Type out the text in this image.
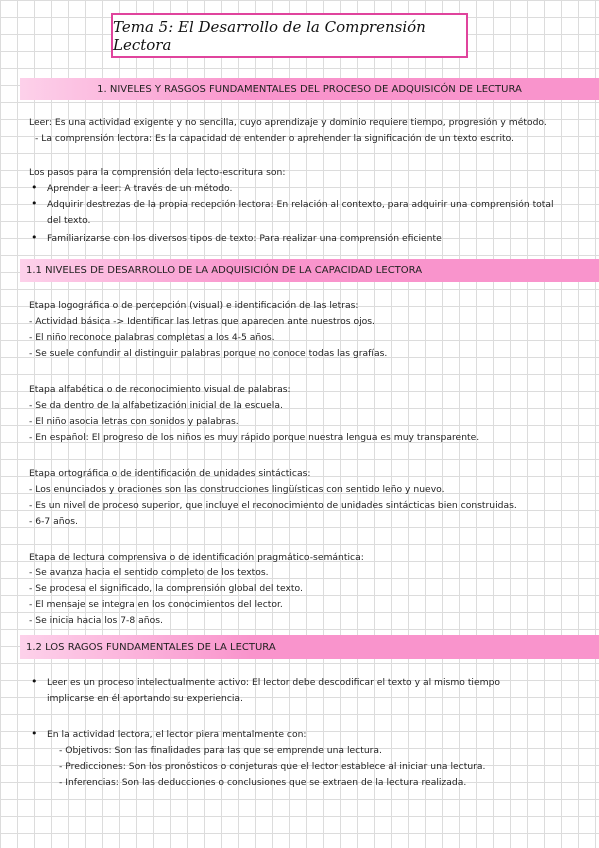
Tema 5: El Desarrollo de la Comprensión Lectora
1. NIVELES Y RASGOS FUNDAMENTALES DEL PROCESO DE ADQUISICÓN DE LECTURA
Leer: Es una actividad exigente y no sencilla, cuyo aprendizaje y dominio requiere tiempo, progresión y método.
- La comprensión lectora: Es la capacidad de entender o aprehender la significación de un texto escrito.
Los pasos para la comprensión dela lecto-escritura son:
• Aprender a leer: A través de un método.
• Adquirir destrezas de la propia recepción lectora: En relación al contexto, para adquirir una comprensión total
del texto.
• Familiarizarse con los diversos tipos de texto: Para realizar una comprensión eficiente
1.1 NIVELES DE DESARROLLO DE LA ADQUISICIÓN DE LA CAPACIDAD LECTORA
Etapa logográfica o de percepción (visual) e identificación de las letras:
- Actividad básica -> Identificar las letras que aparecen ante nuestros ojos.
- El niño reconoce palabras completas a los 4-5 años.
- Se suele confundir al distinguir palabras porque no conoce todas las grafías.
Etapa alfabética o de reconocimiento visual de palabras:
- Se da dentro de la alfabetización inicial de la escuela.
- El niño asocia letras con sonidos y palabras.
- En español: El progreso de los niños es muy rápido porque nuestra lengua es muy transparente.
Etapa ortográfica o de identificación de unidades sintácticas:
- Los enunciados y oraciones son las construcciones lingüísticas con sentido leño y nuevo.
- Es un nivel de proceso superior, que incluye el reconocimiento de unidades sintácticas bien construidas.
- 6-7 años.
Etapa de lectura comprensiva o de identificación pragmático-semántica:
- Se avanza hacia el sentido completo de los textos.
- Se procesa el significado, la comprensión global del texto.
- El mensaje se integra en los conocimientos del lector.
- Se inicia hacia los 7-8 años.
1.2 LOS RAGOS FUNDAMENTALES DE LA LECTURA
• Leer es un proceso intelectualmente activo: El lector debe descodificar el texto y al mismo tiempo
implicarse en él aportando su experiencia.
• En la actividad lectora, el lector piera mentalmente con:
- Objetivos: Son las finalidades para las que se emprende una lectura.
- Predicciones: Son los pronósticos o conjeturas que el lector establece al iniciar una lectura.
- Inferencias: Son las deducciones o conclusiones que se extraen de la lectura realizada.
